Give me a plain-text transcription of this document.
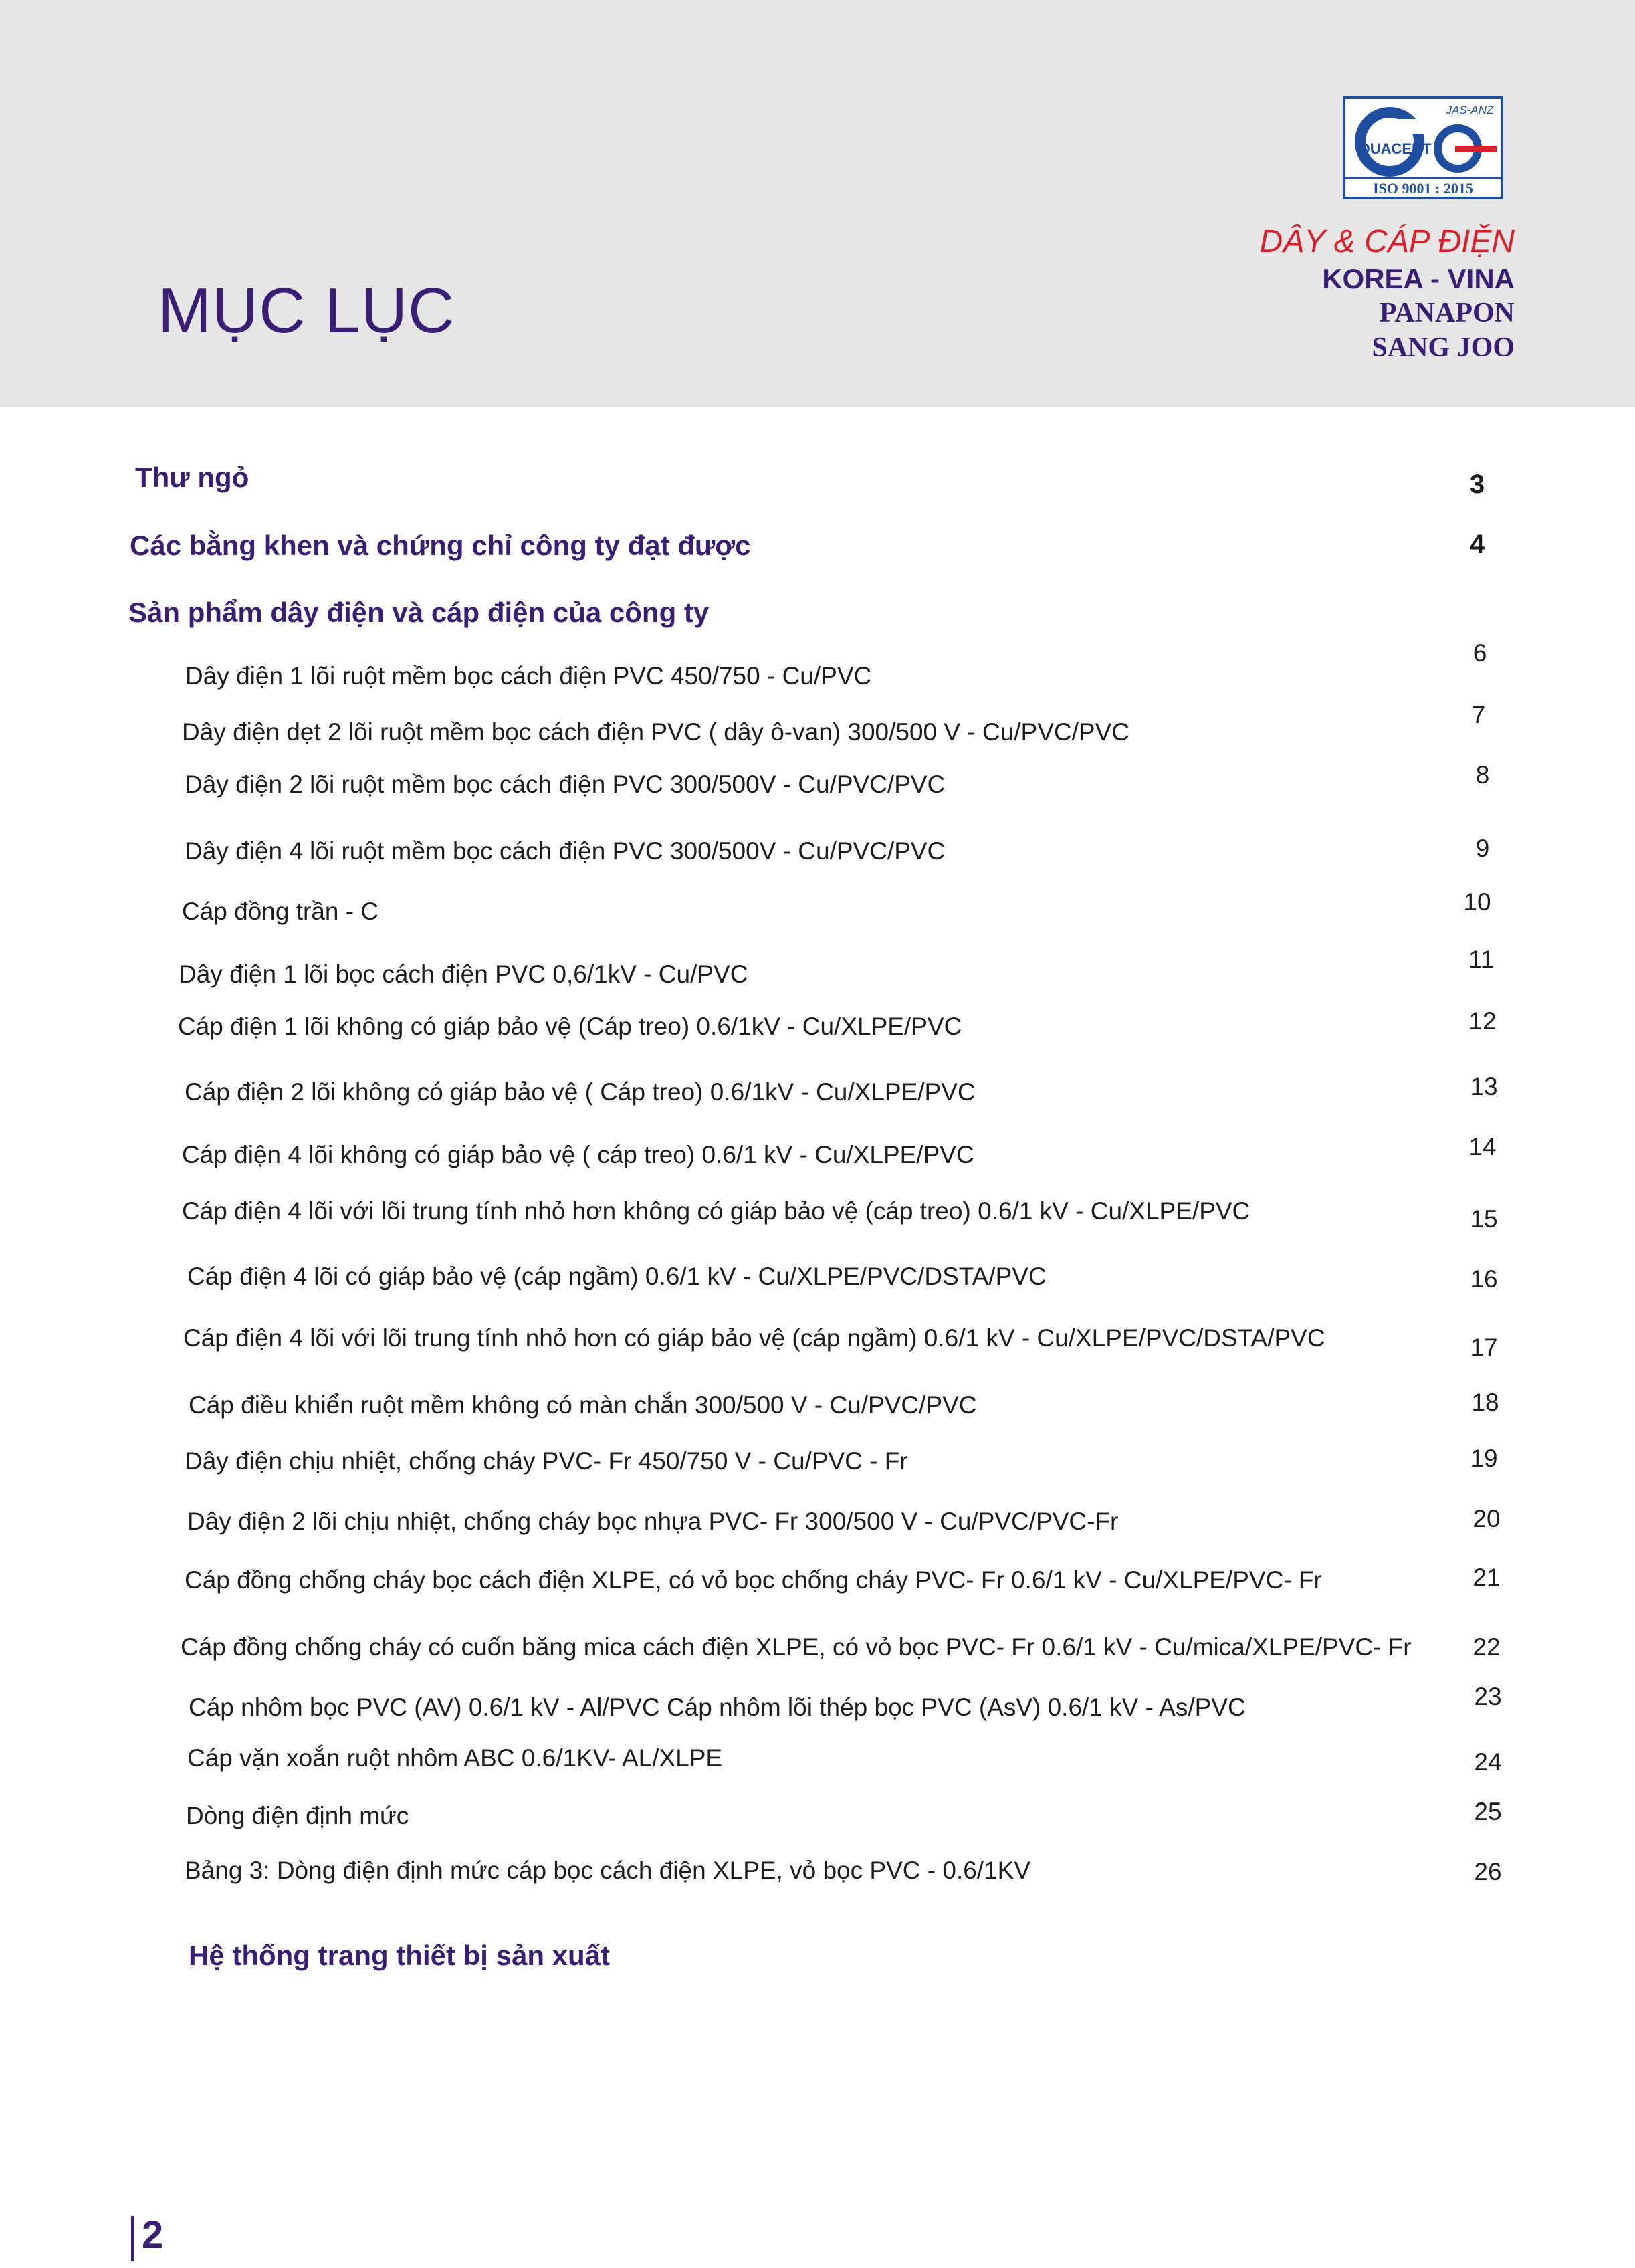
MỤC LỤC
QUACERT
JAS-ANZ
ISO 9001 : 2015
DÂY & CÁP ĐIỆN
KOREA - VINA
PANAPON
SANG JOO
Thư ngỏ
Các bằng khen và chứng chỉ công ty đạt được
Sản phẩm dây điện và cáp điện của công ty
Dây điện 1 lõi ruột mềm bọc cách điện PVC 450/750 - Cu/PVC
Dây điện dẹt 2 lõi ruột mềm bọc cách điện PVC ( dây ô-van) 300/500 V - Cu/PVC/PVC
Dây điện 2 lõi ruột mềm bọc cách điện PVC 300/500V - Cu/PVC/PVC
Dây điện 4 lõi ruột mềm bọc cách điện PVC 300/500V - Cu/PVC/PVC
Cáp đồng trần - C
Dây điện 1 lõi bọc cách điện PVC 0,6/1kV - Cu/PVC
Cáp điện 1 lõi không có giáp bảo vệ (Cáp treo) 0.6/1kV - Cu/XLPE/PVC
Cáp điện 2 lõi không có giáp bảo vệ ( Cáp treo) 0.6/1kV - Cu/XLPE/PVC
Cáp điện 4 lõi không có giáp bảo vệ ( cáp treo) 0.6/1 kV - Cu/XLPE/PVC
Cáp điện 4 lõi với lõi trung tính nhỏ hơn không có giáp bảo vệ (cáp treo) 0.6/1 kV - Cu/XLPE/PVC
Cáp điện 4 lõi có giáp bảo vệ (cáp ngầm) 0.6/1 kV - Cu/XLPE/PVC/DSTA/PVC
Cáp điện 4 lõi với lõi trung tính nhỏ hơn có giáp bảo vệ (cáp ngầm) 0.6/1 kV - Cu/XLPE/PVC/DSTA/PVC
Cáp điều khiển ruột mềm không có màn chắn 300/500 V - Cu/PVC/PVC
Dây điện chịu nhiệt, chống cháy PVC- Fr 450/750 V - Cu/PVC - Fr
Dây điện 2 lõi chịu nhiệt, chống cháy bọc nhựa PVC- Fr 300/500 V - Cu/PVC/PVC-Fr
Cáp đồng chống cháy bọc cách điện XLPE, có vỏ bọc chống cháy PVC- Fr 0.6/1 kV - Cu/XLPE/PVC- Fr
Cáp đồng chống cháy có cuốn băng mica cách điện XLPE, có vỏ bọc PVC- Fr 0.6/1 kV - Cu/mica/XLPE/PVC- Fr
Cáp nhôm bọc PVC (AV) 0.6/1 kV - Al/PVC Cáp nhôm lõi thép bọc PVC (AsV) 0.6/1 kV - As/PVC
Cáp vặn xoắn ruột nhôm ABC 0.6/1KV- AL/XLPE
Dòng điện định mức
Bảng 3: Dòng điện định mức cáp bọc cách điện XLPE, vỏ bọc PVC - 0.6/1KV
Hệ thống trang thiết bị sản xuất
3
4
6
7
8
9
10
11
12
13
14
15
16
17
18
19
20
21
22
23
24
25
26
2
